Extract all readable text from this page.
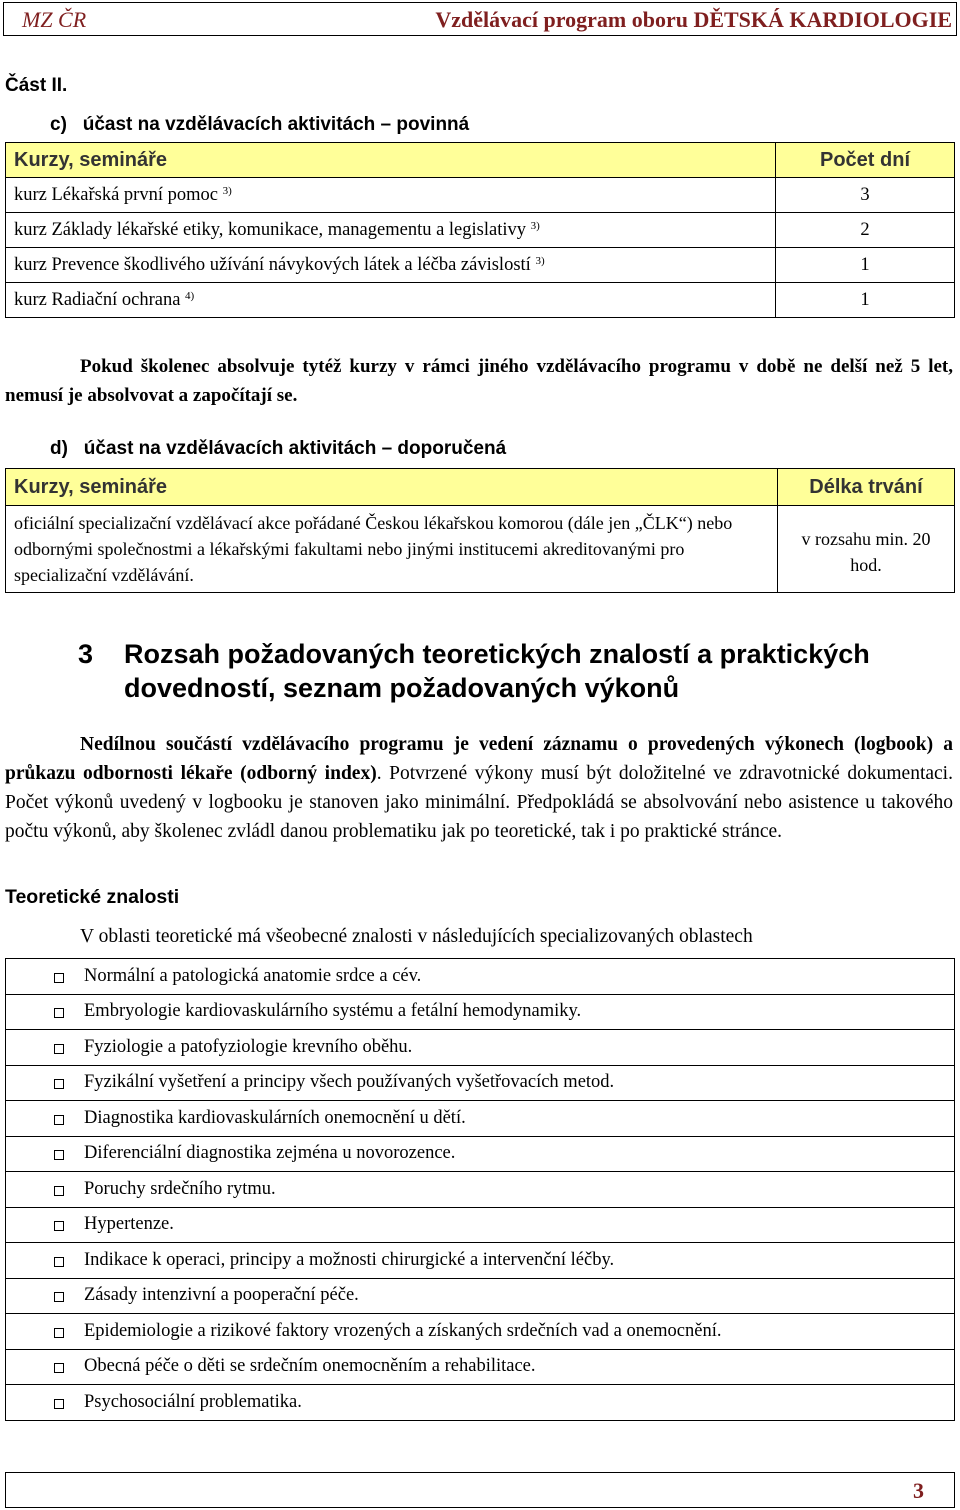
MZ ČR	Vzdělávací program oboru DĚTSKÁ KARDIOLOGIE
Část II.
c)   účast na vzdělávacích aktivitách – povinná
Kurzy, semináře	Počet dní
kurz Lékařská první pomoc $^{3)}$	3
kurz Základy lékařské etiky, komunikace, managementu a legislativy $^{3)}$	2
kurz Prevence škodlivého užívání návykových látek a léčba závislostí $^{3)}$	1
kurz Radiační ochrana $^{4)}$	1
Pokud školenec absolvuje tytéž kurzy v rámci jiného vzdělávacího programu v době ne delší než 5 let, nemusí je absolvovat a započítají se.
d)   účast na vzdělávacích aktivitách – doporučená
Kurzy, semináře	Délka trvání
oficiální specializační vzdělávací akce pořádané Českou lékařskou komorou (dále jen „ČLK“) nebo odbornými společnostmi a lékařskými fakultami nebo jinými institucemi akreditovanými pro specializační vzdělávání.	v rozsahu min. 20 hod.
3	Rozsah požadovaných teoretických znalostí a praktických dovedností, seznam požadovaných výkonů
Nedílnou součástí vzdělávacího programu je vedení záznamu o provedených výkonech (logbook) a průkazu odbornosti lékaře (odborný index). Potvrzené výkony musí být doložitelné ve zdravotnické dokumentaci. Počet výkonů uvedený v logbooku je stanoven jako minimální. Předpokládá se absolvování nebo asistence u takového počtu výkonů, aby školenec zvládl danou problematiku jak po teoretické, tak i po praktické stránce.
Teoretické znalosti
V oblasti teoretické má všeobecné znalosti v následujících specializovaných oblastech
Normální a patologická anatomie srdce a cév.
Embryologie kardiovaskulárního systému a fetální hemodynamiky.
Fyziologie a patofyziologie krevního oběhu.
Fyzikální vyšetření a principy všech používaných vyšetřovacích metod.
Diagnostika kardiovaskulárních onemocnění u dětí.
Diferenciální diagnostika zejména u novorozence.
Poruchy srdečního rytmu.
Hypertenze.
Indikace k operaci, principy a možnosti chirurgické a intervenční léčby.
Zásady intenzivní a pooperační péče.
Epidemiologie a rizikové faktory vrozených a získaných srdečních vad a onemocnění.
Obecná péče o děti se srdečním onemocněním a rehabilitace.
Psychosociální problematika.
3
